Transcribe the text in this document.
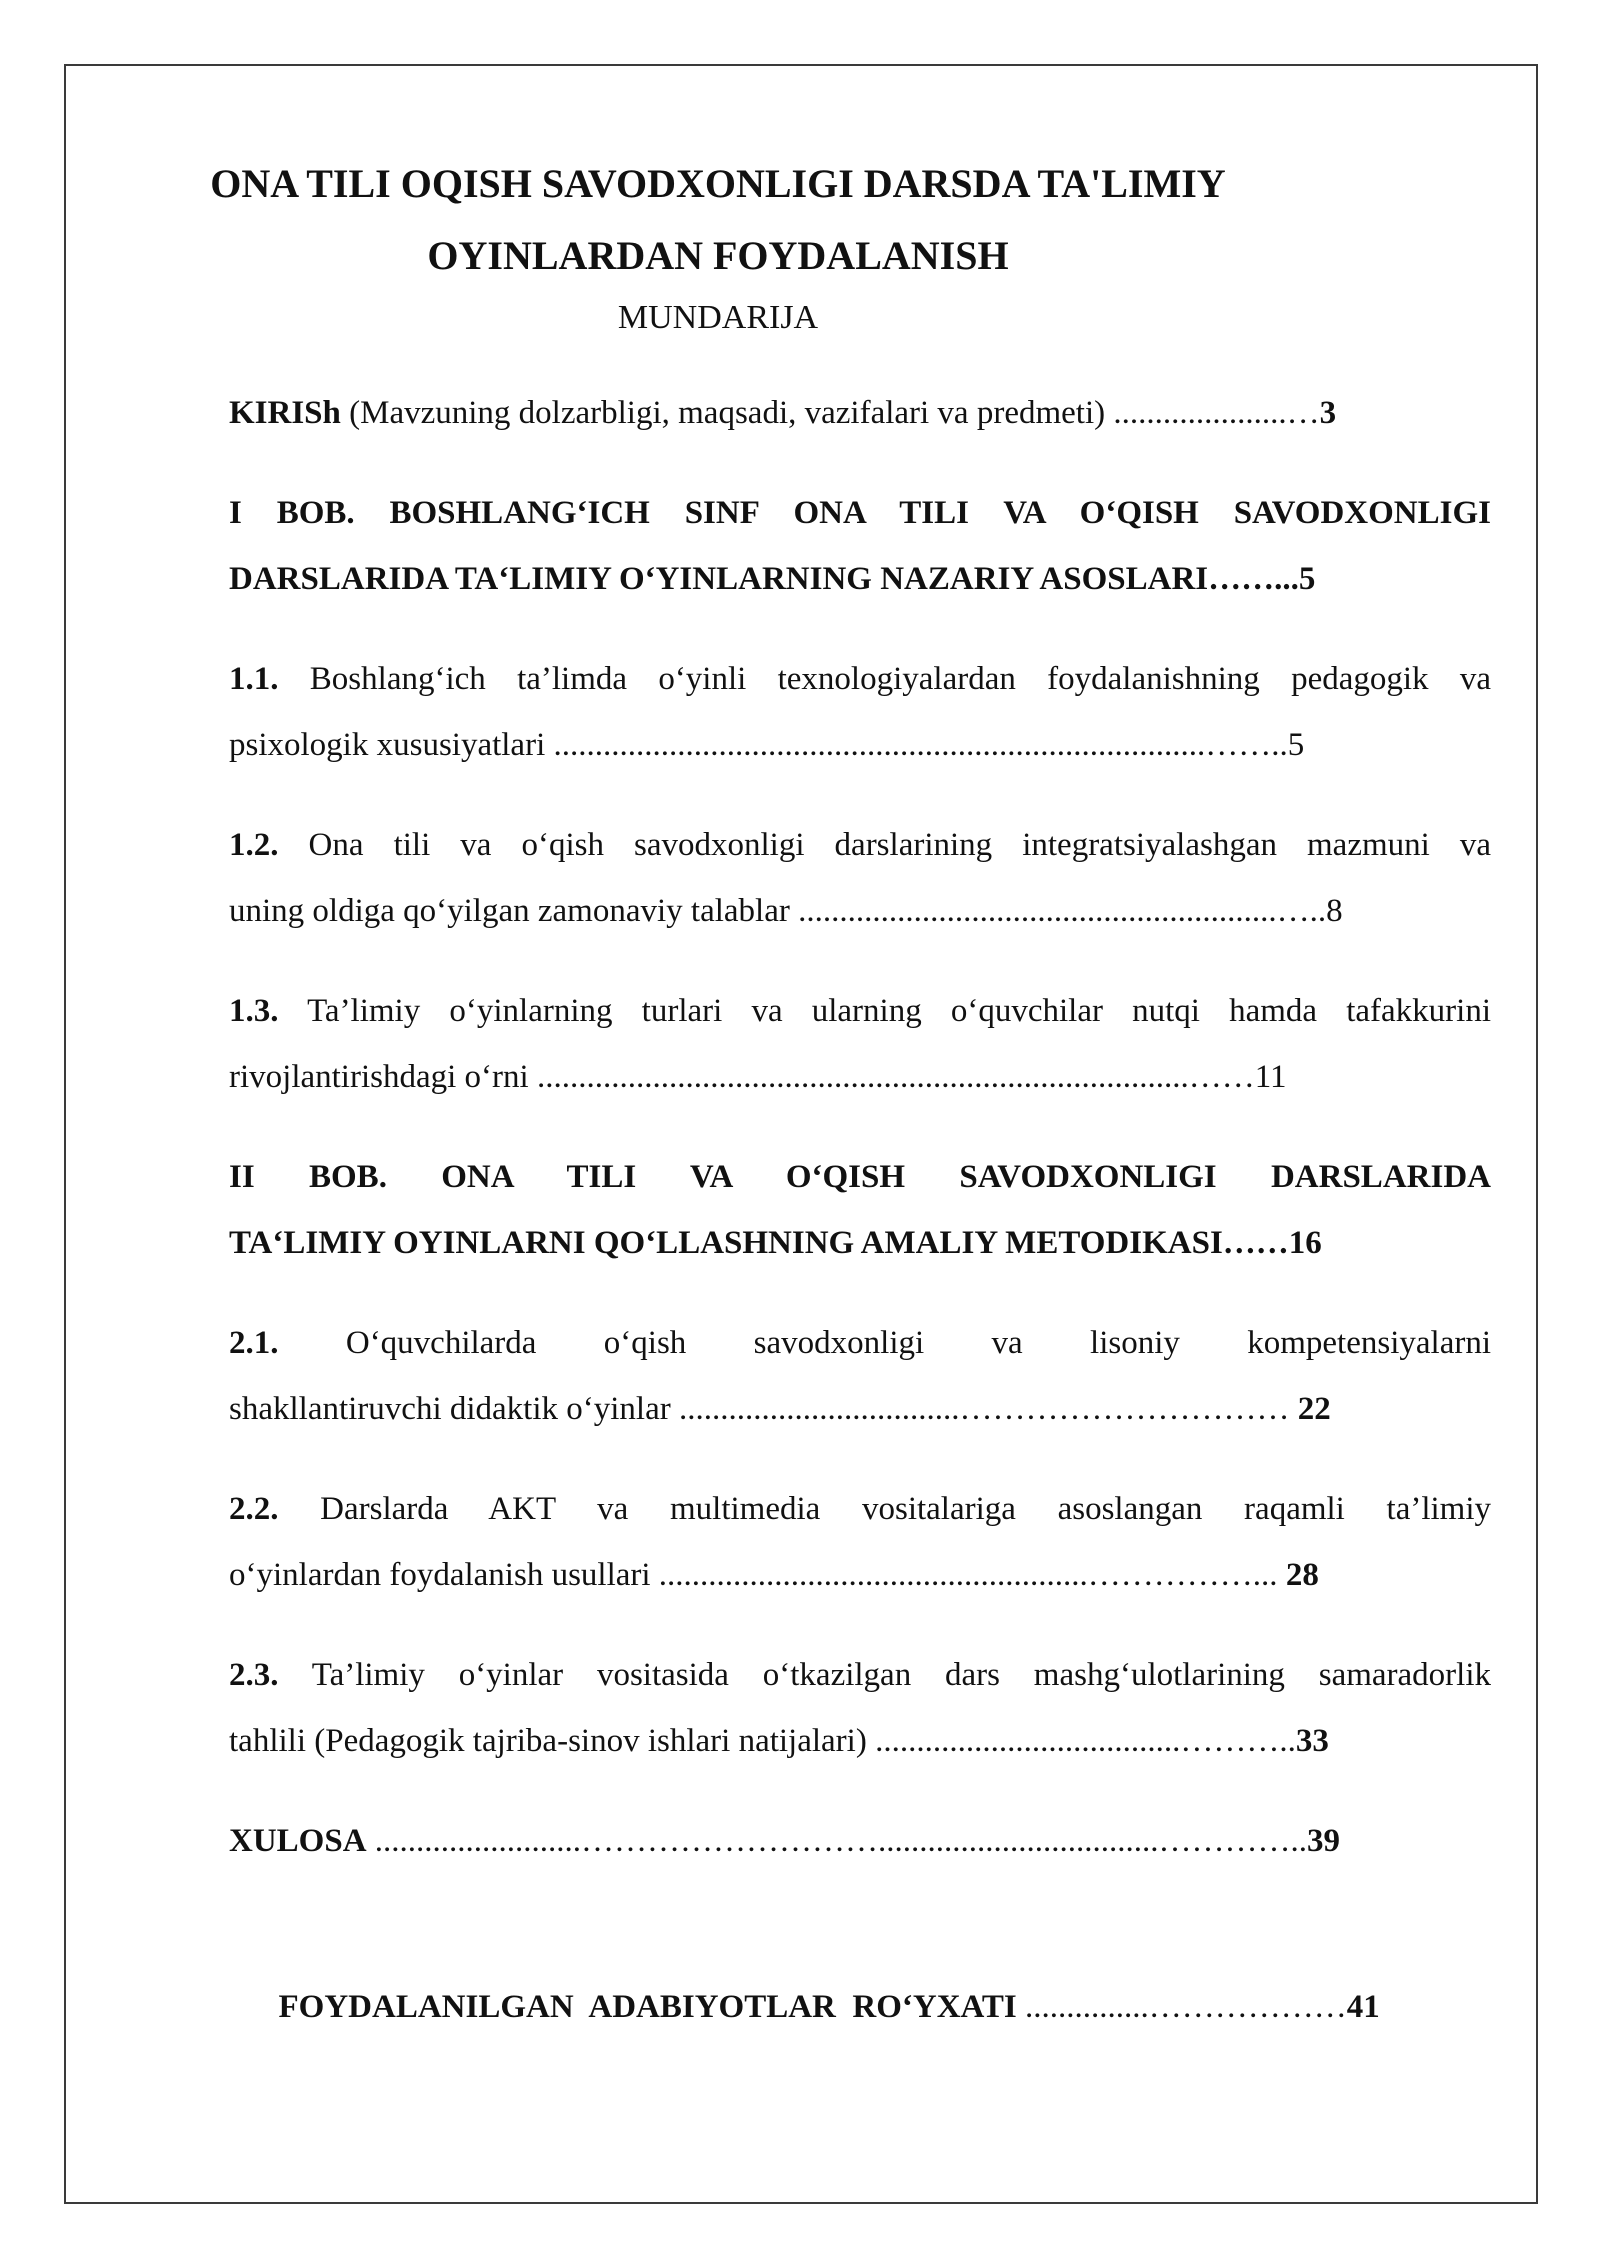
ONA TILI OQISH SAVODXONLIGI DARSDA TA'LIMIY
OYINLARDAN FOYDALANISH
MUNDARIJA
KIRISh (Mavzuning dolzarbligi, maqsadi, vazifalari va predmeti) .....................…3
I BOB. BOSHLANG‘ICH SINF ONA TILI VA O‘QISH SAVODXONLIGI
DARSLARIDA TA‘LIMIY O‘YINLARNING NAZARIY ASOSLARI……...5
1.1. Boshlang‘ich ta’limda o‘yinli texnologiyalardan foydalanishning pedagogik va
psixologik xususiyatlari ...............................................................................……..5
1.2. Ona tili va o‘qish savodxonligi darslarining integratsiyalashgan mazmuni va
uning oldiga qo‘yilgan zamonaviy talablar ..........................................................…..8
1.3. Ta’limiy o‘yinlarning turlari va ularning o‘quvchilar nutqi hamda tafakkurini
rivojlantirishdagi o‘rni ...............................................................................……11
II BOB. ONA TILI VA O‘QISH SAVODXONLIGI DARSLARIDA
TA‘LIMIY OYINLARNI QO‘LLASHNING AMALIY METODIKASI……16
2.1. O‘quvchilarda o‘qish savodxonligi va lisoniy kompetensiyalarni
shakllantiruvchi didaktik o‘yinlar ..................................………………………… 22
2.2. Darslarda AKT va multimedia vositalariga asoslangan raqamli ta’limiy
o‘yinlardan foydalanish usullari ....................................................……………... 28
2.3. Ta’limiy o‘yinlar vositasida o‘tkazilgan dars mashg‘ulotlarining samaradorlik
tahlili (Pedagogik tajriba-sinov ishlari natijalari) .....................................………..33
XULOSA .........................………………………..................................…………..39

FOYDALANILGAN  ADABIYOTLAR  RO‘YXATI ...............………………41
